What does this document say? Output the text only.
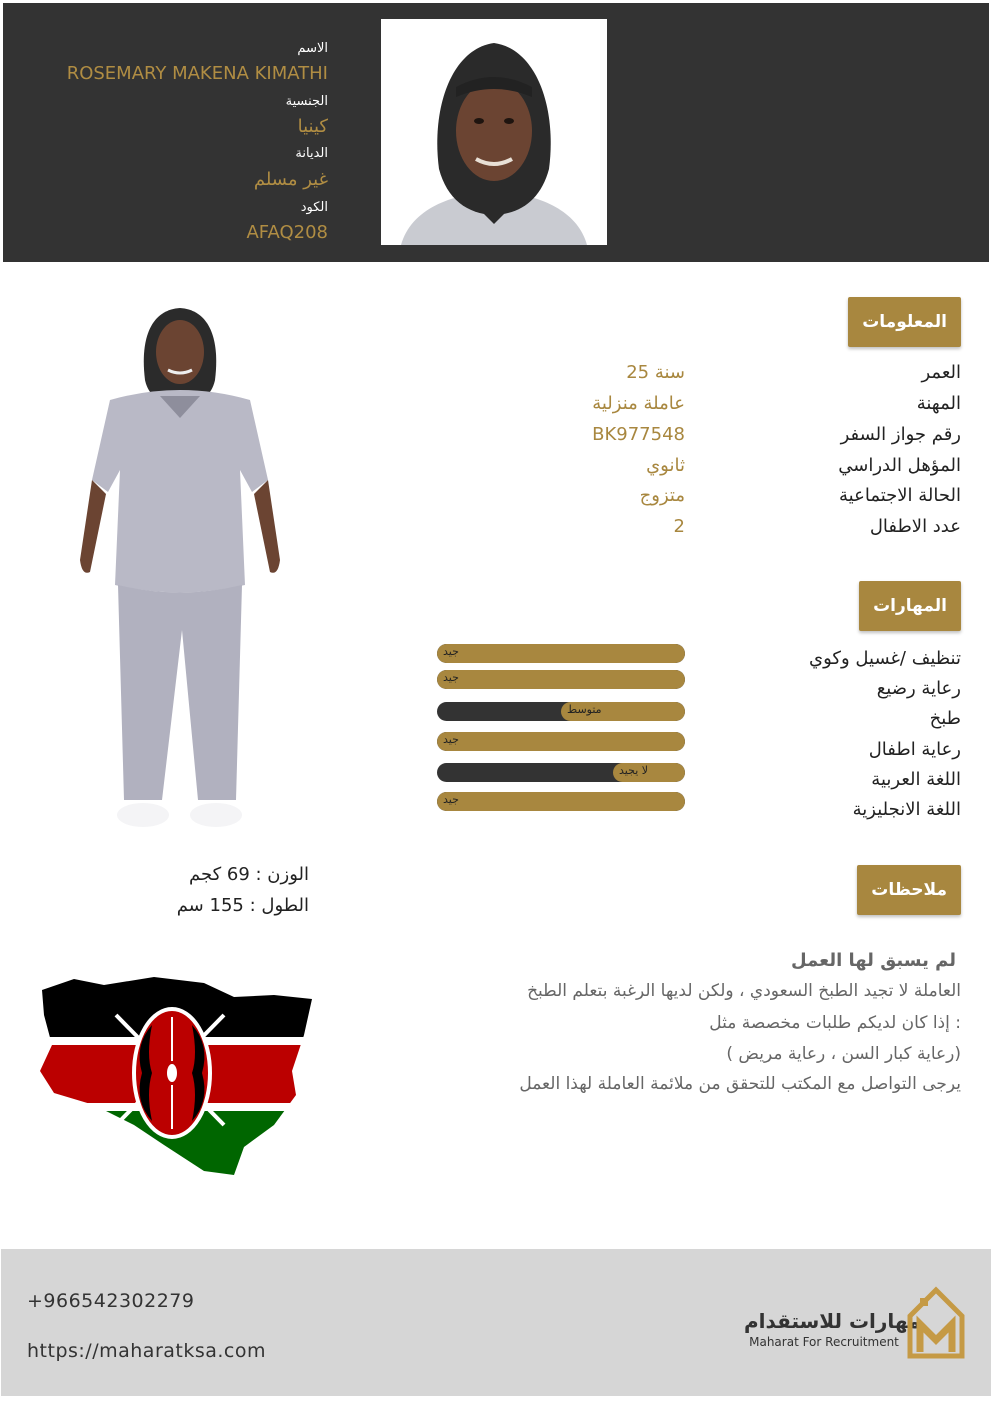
الاسم
ROSEMARY MAKENA KIMATHI
الجنسية
كينيا
الديانة
غير مسلم
الكود
AFAQ208
الوزن : 69 كجم
الطول : 155 سم
المعلومات
العمر
25 سنة
المهنة
عاملة منزلية
رقم جواز السفر
BK977548
المؤهل الدراسي
ثانوي
الحالة الاجتماعية
متزوج
عدد الاطفال
2
المهارات
تنظيف /غسيل وكوي
جيد
رعاية رضيع
جيد
طبخ
متوسط
رعاية اطفال
جيد
اللغة العربية
لا يجيد
اللغة الانجليزية
جيد
ملاحظات
لم يسبق لها العمل
العاملة لا تجيد الطبخ السعودي ، ولكن لديها الرغبة بتعلم الطبخ
إذا كان لديكم طلبات مخصصة مثل :
( رعاية كبار السن ، رعاية مريض)
يرجى التواصل مع المكتب للتحقق من ملائمة العاملة لهذا العمل
+966542302279
https://maharatksa.com
مهارات للاستقدام
Maharat For Recruitment
